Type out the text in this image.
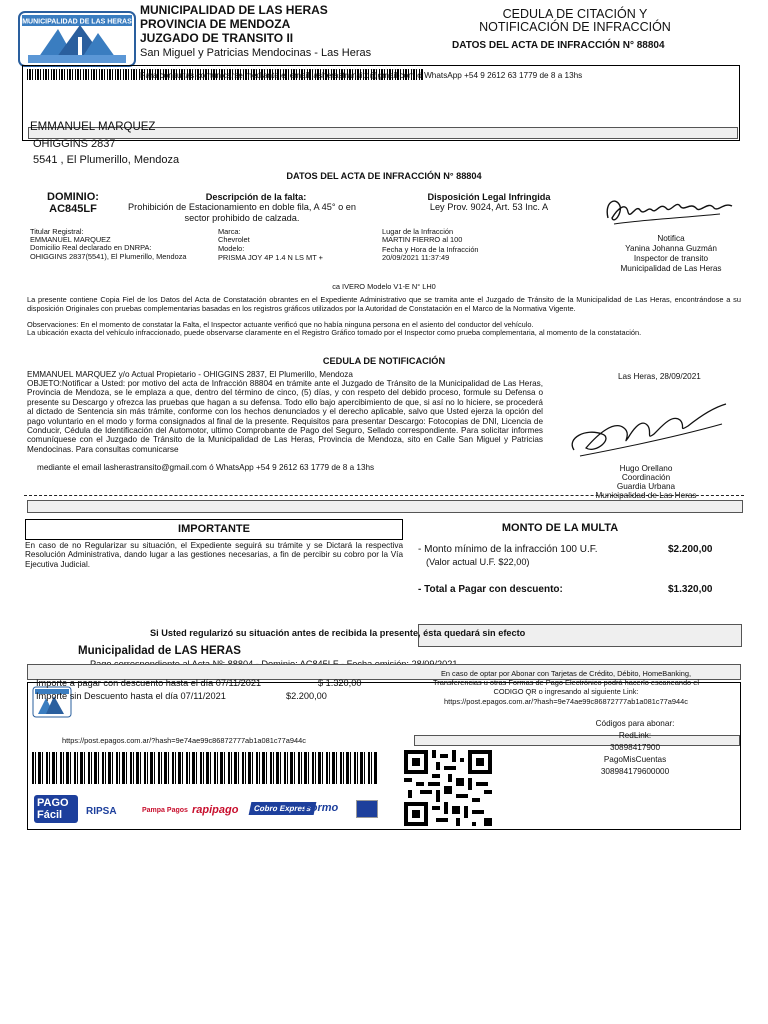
MUNICIPALIDAD DE LAS HERAS
MUNICIPALIDAD DE LAS HERAS
PROVINCIA DE MENDOZA
JUZGADO DE TRANSITO II
San Miguel y Patricias Mendocinas - Las Heras
CEDULA DE CITACIÓN Y
NOTIFICACIÓN DE INFRACCIÓN
DATOS DEL ACTA DE INFRACCIÓN N° 88804
Para consultas comunicarse mediante el email lasherastransito@gmail.com ó WhatsApp +54 9 2612 63 1779 de 8 a 13hs
EMMANUEL MARQUEZ
OHIGGINS 2837
5541 , El Plumerillo, Mendoza
DATOS DEL ACTA DE INFRACCIÓN N° 88804
DOMINIO:
AC845LF
Descripción de la falta:
Prohibición de Estacionamiento en doble fila, A 45° o en sector prohibido de calzada.
Disposición Legal Infringida
Ley Prov. 9024, Art. 53 Inc. A
Titular Registral:
EMMANUEL MARQUEZ
Domicilio Real declarado en DNRPA:
OHIGGINS 2837(5541), El Plumerillo, Mendoza
Marca:
Chevrolet
Modelo:
PRISMA JOY 4P 1.4 N LS MT +
Lugar de la Infracción
MARTIN FIERRO al 100
Fecha y Hora de la Infracción
20/09/2021 11:37:49
Notifica
Yanina Johanna Guzmán
Inspector de transito
Municipalidad de Las Heras
ca IVERO Modelo V1-E N° LH0
La presente contiene Copia Fiel de los Datos del Acta de Constatación obrantes en el Expediente Administrativo que se tramita ante el Juzgado de Tránsito de la Municipalidad de Las Heras, encontrándose a su disposición Originales con pruebas complementarias basadas en los registros gráficos utilizados por la Autoridad de Constatación en el Marco de la Normativa Vigente.
Observaciones: En el momento de constatar la Falta, el Inspector actuante verificó que no había ninguna persona en el asiento del conductor del vehículo.
La ubicación exacta del vehículo infraccionado, puede observarse claramente en el Registro Gráfico tomado por el Inspector como prueba complementaria, al momento de la constatación.
CEDULA DE NOTIFICACIÓN
EMMANUEL MARQUEZ y/o Actual Propietario - OHIGGINS 2837, El Plumerillo, Mendoza
OBJETO:Notificar a Usted: por motivo del acta de Infracción 88804 en trámite ante el Juzgado de Tránsito de la Municipalidad de Las Heras, Provincia de Mendoza, se le emplaza a que, dentro del término de cinco, (5) días, y con respeto del debido proceso, formule su Defensa o presente su Descargo y ofrezca las pruebas que hagan a su defensa. Todo ello bajo apercibimiento de que, si así no lo hiciere, se procederá al dictado de Sentencia sin más trámite, conforme con los hechos denunciados y el derecho aplicable, salvo que Usted ejerza la opción del pago voluntario en el modo y forma consignados al final de la presente. Requisitos para presentar Descargo: Fotocopias de DNI, Licencia de Conducir, Cédula de Identificación del Automotor, ultimo Comprobante de Pago del Seguro, Sellado correspondiente. Para solicitar informes comuníquese con el Juzgado de Tránsito de la Municipalidad de Las Heras, Provincia de Mendoza, sito en Calle San Miguel y Patricias Mendocinas. Para consultas comunicarse
mediante el email lasherastransito@gmail.com ó WhatsApp +54 9 2612 63 1779 de 8 a 13hs
Las Heras, 28/09/2021
Hugo Orellano
Coordinación
Guardia Urbana
Municipalidad de Las Heras
IMPORTANTE
En caso de no Regularizar su situación, el Expediente seguirá su trámite y se Dictará la respectiva Resolución Administrativa, dando lugar a las gestiones necesarias, a fin de percibir su cobro por la Vía Ejecutiva Judicial.
MONTO DE LA MULTA
- Monto mínimo de la infracción 100 U.F.	$2.200,00
(Valor actual U.F. $22,00)
- Total a Pagar con descuento:	$1.320,00
Si Usted regularizó su situación antes de recibida la presente, ésta quedará sin efecto
Municipalidad de LAS HERAS
Importe a pagar con descuento hasta el día 07/11/2021	$ 1.320,00
Importe sin Descuento hasta el día 07/11/2021	$2.200,00
En caso de optar por Abonar con Tarjetas de Crédito, Débito, HomeBanking,
Transferencias u otras Formas de Pago Electrónico podrá hacerlo escaneando el
CODIGO QR o ingresando al siguiente Link:
https://post.epagos.com.ar/?hash=9e74ae99c86872777ab1a081c77a944c
Códigos para abonar:
RedLink:
30898417900
PagoMisCuentas
308984179600000
https://post.epagos.com.ar/?hash=9e74ae99c86872777ab1a081c77a944c
PAGO Fácil	RIPSA	Pampa Pagos rapipago	Cobro Express
Formo
